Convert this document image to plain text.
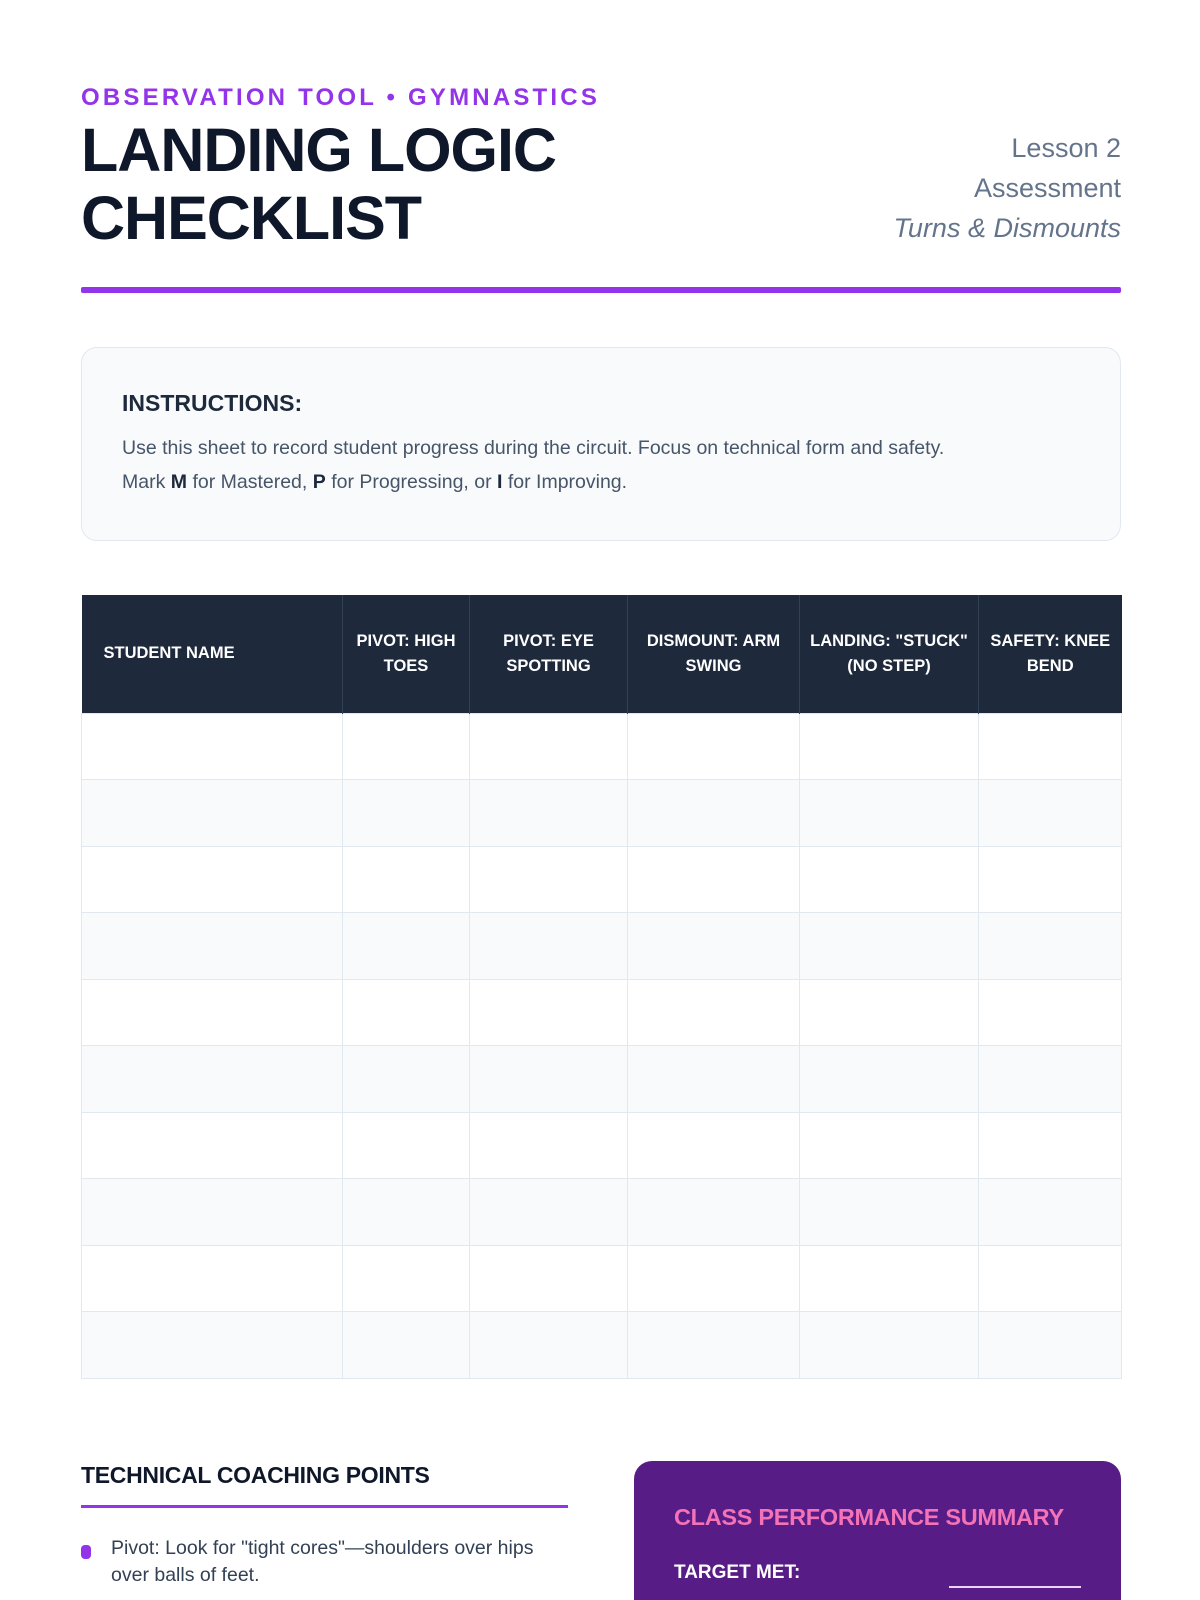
OBSERVATION TOOL • GYMNASTICS
LANDING LOGIC CHECKLIST
Lesson 2
Assessment
Turns & Dismounts
INSTRUCTIONS:

Use this sheet to record student progress during the circuit. Focus on technical form and safety.
Mark M for Mastered, P for Progressing, or I for Improving.

STUDENT NAME	PIVOT: HIGH TOES	PIVOT: EYE SPOTTING	DISMOUNT: ARM SWING	LANDING: "STUCK" (NO STEP)	SAFETY: KNEE BEND

TECHNICAL COACHING POINTS
Pivot: Look for "tight cores"—shoulders over hips over balls of feet.
CLASS PERFORMANCE SUMMARY
TARGET MET:
